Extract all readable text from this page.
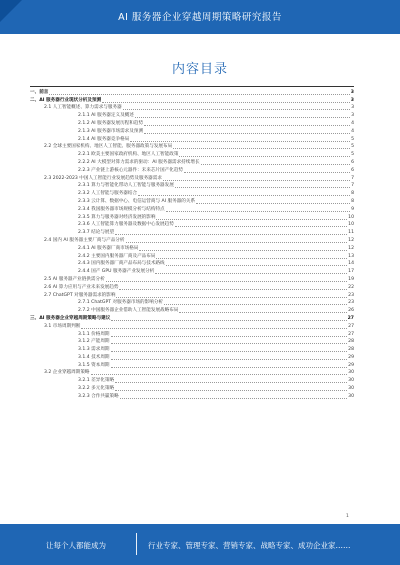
AI 服务器企业穿越周期策略研究报告
内容目录
一、前言	3
二、AI 服务器行业现状分析及预测	3
2.1 人工智能概述、算力需求与服务器	3
2.1.1 AI 服务器定义及概述	3
2.1.2 AI 服务器发展历程和趋势	4
2.1.3 AI 服务器市场需求及预测	4
2.1.4 AI 服务器竞争格局	5
2.2 全球主要国家机构、地区人工智能、服务器政策与发展布局	5
2.2.1 欧美主要国家政府机构、地区人工智能政策	5
2.2.2 AI 大模型对算力需求的驱动：AI 服务器需求持续增长	6
2.2.3 产业链上游核心元器件：未来芯片国产化趋势	6
2.3 2022-2023 中国人工智能行业发展趋势及服务器需求	7
2.3.1 算力与智能化带动人工智能与服务器发展	7
2.3.2 人工智能与服务器结合	8
2.3.3 云计算、数据中心、电信运营商与 AI 服务器的关系	8
2.3.4 我国服务器市场规模分析与结构特点	9
2.3.5 算力与服务器对经济发展的影响	10
2.3.6 人工智能算力服务器及数据中心发展趋势	10
2.3.7 结论与展望	11
2.4 国内 AI 服务器主要厂商与产品分析	12
2.4.1 AI 服务器厂商市场格局	12
2.4.2 主要国内服务器厂商及产品布局	13
2.4.3 国内服务器厂商产品布局与技术路线	14
2.4.4 国产 GPU 服务器产业发展分析	17
2.5 AI 服务器产业链供需分析	19
2.6 AI 算力应用与产业未来发展趋势	22
2.7 ChatGPT 对服务器需求的影响	23
2.7.1 ChatGPT 对服务器市场的影响分析	23
2.7.2 中国服务器企业借助人工智能发展战略布局	26
三、AI 服务器企业穿越周期策略与建议	27
3.1 市场周期判断	27
3.1.1 价格周期	27
3.1.2 产能周期	28
3.1.3 需求周期	28
3.1.4 技术周期	29
3.1.5 资本周期	29
3.2 企业穿越周期策略	30
3.2.1 差异化策略	30
3.2.2 多元化策略	30
3.2.3 合作共赢策略	30
1
让每个人都能成为	行业专家、管理专家、营销专家、战略专家、成功企业家……
